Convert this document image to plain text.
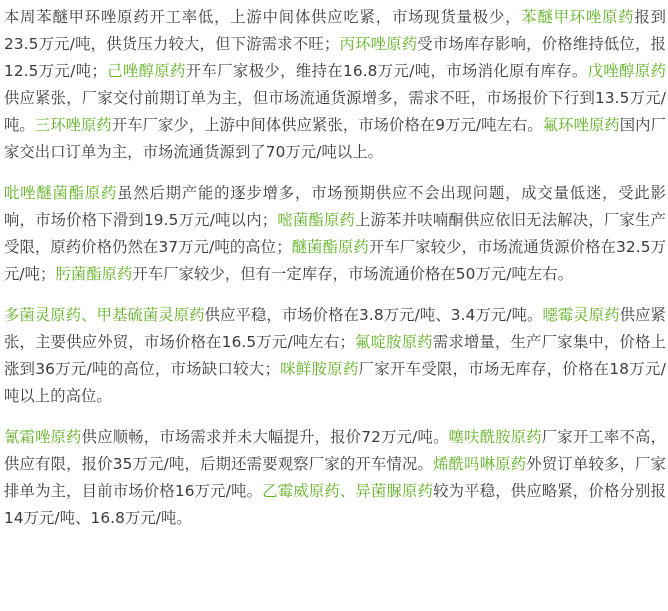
本周苯醚甲环唑原药开工率低，上游中间体供应吃紧，市场现货量极少，苯醚甲环唑原药报到23.5万元/吨，供货压力较大，但下游需求不旺；丙环唑原药受市场库存影响，价格维持低位，报12.5万元/吨；己唑醇原药开车厂家极少，维持在16.8万元/吨，市场消化原有库存。戊唑醇原药供应紧张，厂家交付前期订单为主，但市场流通货源增多，需求不旺，市场报价下行到13.5万元/吨。三环唑原药开车厂家少，上游中间体供应紧张，市场价格在9万元/吨左右。氟环唑原药国内厂家交出口订单为主，市场流通货源到了70万元/吨以上。

吡唑醚菌酯原药虽然后期产能的逐步增多，市场预期供应不会出现问题，成交量低迷，受此影响，市场价格下滑到19.5万元/吨以内；嘧菌酯原药上游苯并呋喃酮供应依旧无法解决，厂家生产受限，原药价格仍然在37万元/吨的高位；醚菌酯原药开车厂家较少，市场流通货源价格在32.5万元/吨；肟菌酯原药开车厂家较少，但有一定库存，市场流通价格在50万元/吨左右。

多菌灵原药、甲基硫菌灵原药供应平稳，市场价格在3.8万元/吨、3.4万元/吨。噁霉灵原药供应紧张，主要供应外贸，市场价格在16.5万元/吨左右；氟啶胺原药需求增量，生产厂家集中，价格上涨到36万元/吨的高位，市场缺口较大；咪鲜胺原药厂家开车受限，市场无库存，价格在18万元/吨以上的高位。

氰霜唑原药供应顺畅，市场需求并未大幅提升，报价72万元/吨。噻呋酰胺原药厂家开工率不高，供应有限，报价35万元/吨，后期还需要观察厂家的开车情况。烯酰吗啉原药外贸订单较多，厂家排单为主，目前市场价格16万元/吨。乙霉威原药、异菌脲原药较为平稳，供应略紧，价格分别报14万元/吨、16.8万元/吨。
